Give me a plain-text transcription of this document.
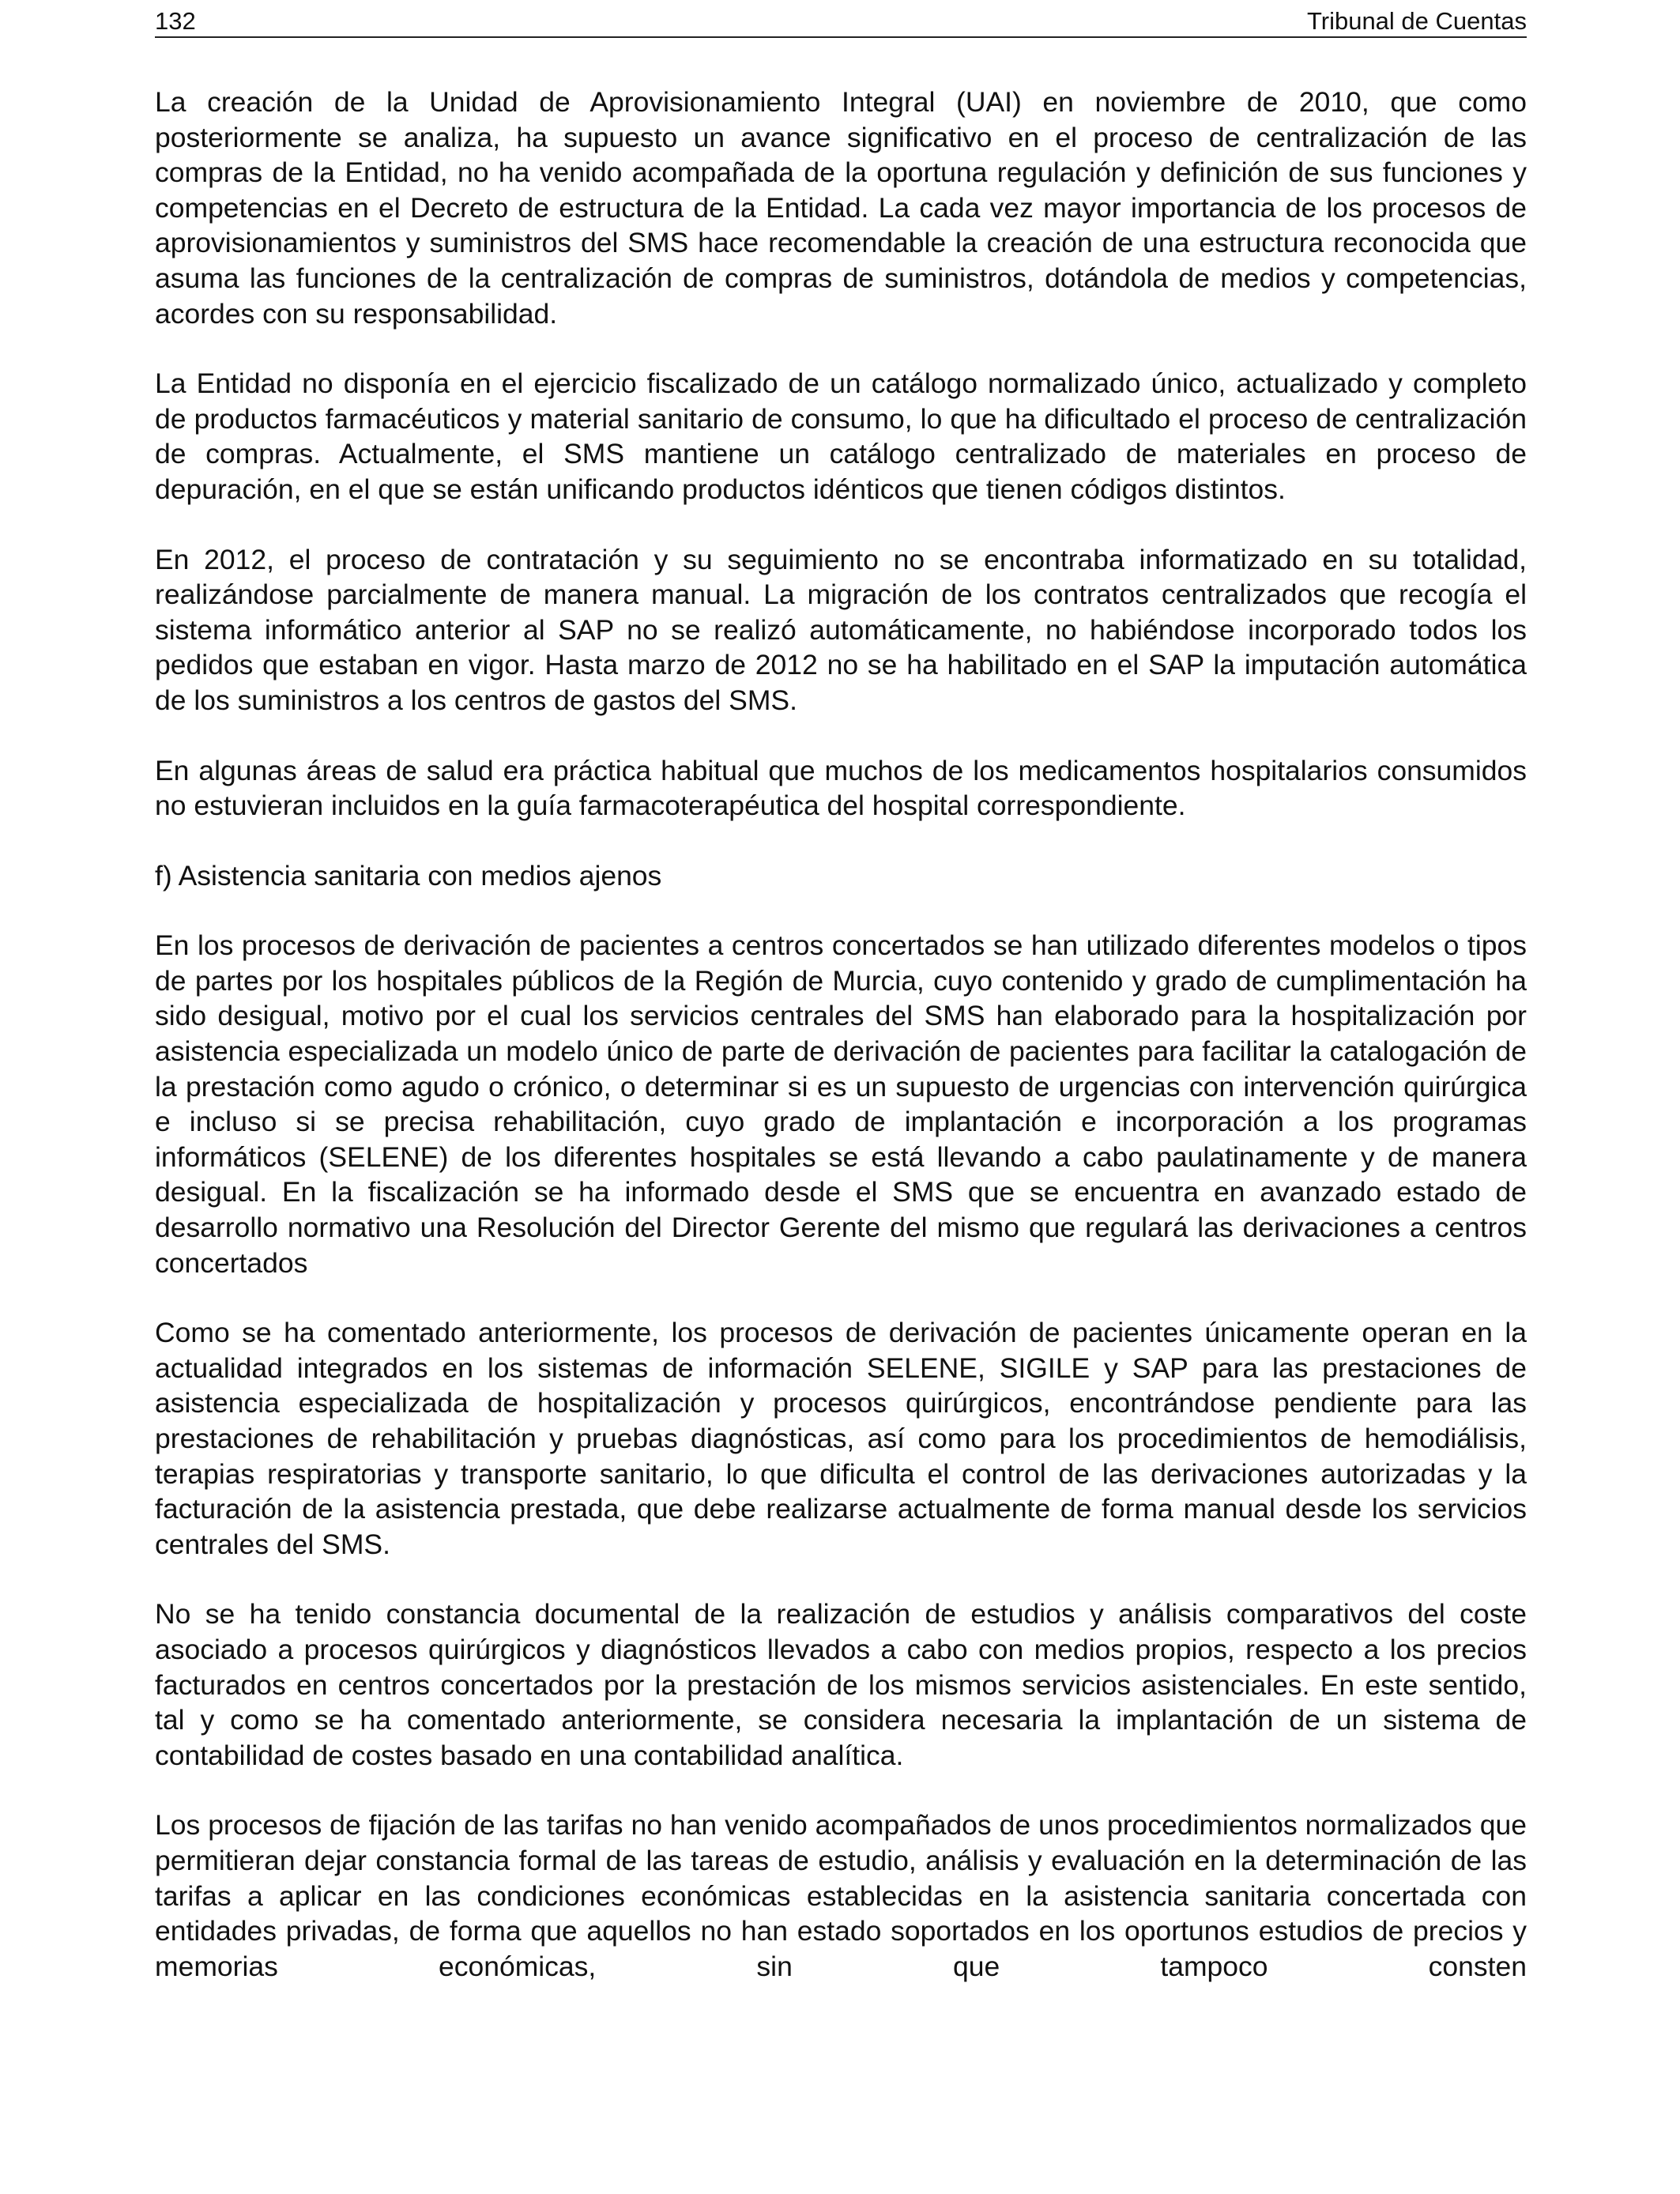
132	Tribunal de Cuentas

La creación de la Unidad de Aprovisionamiento Integral (UAI) en noviembre de 2010, que como posteriormente se analiza, ha supuesto un avance significativo en el proceso de centralización de las compras de la Entidad, no ha venido acompañada de la oportuna regulación y definición de sus funciones y competencias en el Decreto de estructura de la Entidad. La cada vez mayor importancia de los procesos de aprovisionamientos y suministros del SMS hace recomendable la creación de una estructura reconocida que asuma las funciones de la centralización de compras de suministros, dotándola de medios y competencias, acordes con su responsabilidad.

La Entidad no disponía en el ejercicio fiscalizado de un catálogo normalizado único, actualizado y completo de productos farmacéuticos y material sanitario de consumo, lo que ha dificultado el proceso de centralización de compras. Actualmente, el SMS mantiene un catálogo centralizado de materiales en proceso de depuración, en el que se están unificando productos idénticos que tienen códigos distintos.

En 2012, el proceso de contratación y su seguimiento no se encontraba informatizado en su totalidad, realizándose parcialmente de manera manual. La migración de los contratos centralizados que recogía el sistema informático anterior al SAP no se realizó automáticamente, no habiéndose incorporado todos los pedidos que estaban en vigor. Hasta marzo de 2012 no se ha habilitado en el SAP la imputación automática de los suministros a los centros de gastos del SMS.

En algunas áreas de salud era práctica habitual que muchos de los medicamentos hospitalarios consumidos no estuvieran incluidos en la guía farmacoterapéutica del hospital correspondiente.

f) Asistencia sanitaria con medios ajenos

En los procesos de derivación de pacientes a centros concertados se han utilizado diferentes modelos o tipos de partes por los hospitales públicos de la Región de Murcia, cuyo contenido y grado de cumplimentación ha sido desigual, motivo por el cual los servicios centrales del SMS han elaborado para la hospitalización por asistencia especializada un modelo único de parte de derivación de pacientes para facilitar la catalogación de la prestación como agudo o crónico, o determinar si es un supuesto de urgencias con intervención quirúrgica e incluso si se precisa rehabilitación, cuyo grado de implantación e incorporación a los programas informáticos (SELENE) de los diferentes hospitales se está llevando a cabo paulatinamente y de manera desigual. En la fiscalización se ha informado desde el SMS que se encuentra en avanzado estado de desarrollo normativo una Resolución del Director Gerente del mismo que regulará las derivaciones a centros concertados

Como se ha comentado anteriormente, los procesos de derivación de pacientes únicamente operan en la actualidad integrados en los sistemas de información SELENE, SIGILE y SAP para las prestaciones de asistencia especializada de hospitalización y procesos quirúrgicos, encontrándose pendiente para las prestaciones de rehabilitación y pruebas diagnósticas, así como para los procedimientos de hemodiálisis, terapias respiratorias y transporte sanitario, lo que dificulta el control de las derivaciones autorizadas y la facturación de la asistencia prestada, que debe realizarse actualmente de forma manual desde los servicios centrales del SMS.

No se ha tenido constancia documental de la realización de estudios y análisis comparativos del coste asociado a procesos quirúrgicos y diagnósticos llevados a cabo con medios propios, respecto a los precios facturados en centros concertados por la prestación de los mismos servicios asistenciales. En este sentido, tal y como se ha comentado anteriormente, se considera necesaria la implantación de un sistema de contabilidad de costes basado en una contabilidad analítica.

Los procesos de fijación de las tarifas no han venido acompañados de unos procedimientos normalizados que permitieran dejar constancia formal de las tareas de estudio, análisis y evaluación en la determinación de las tarifas a aplicar en las condiciones económicas establecidas en la asistencia sanitaria concertada con entidades privadas, de forma que aquellos no han estado soportados en los oportunos estudios de precios y memorias económicas, sin que tampoco consten
